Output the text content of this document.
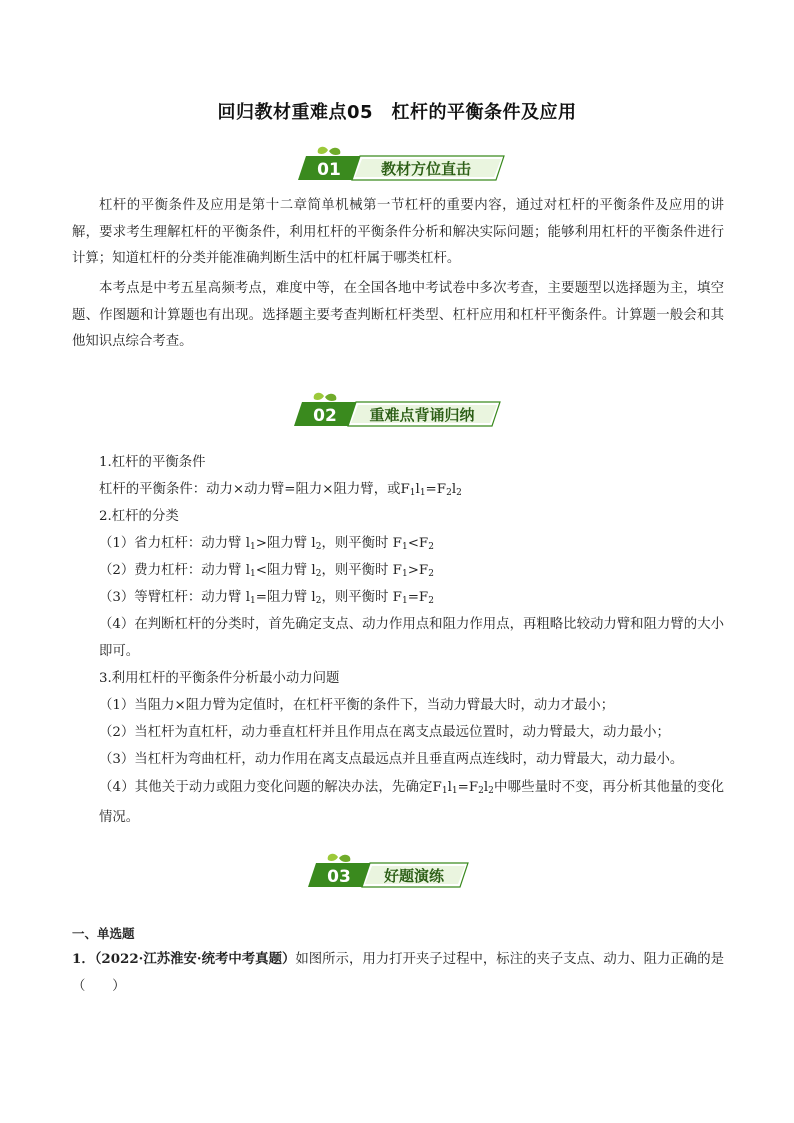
回归教材重难点05　杠杆的平衡条件及应用
01	教材方位直击

杠杆的平衡条件及应用是第十二章简单机械第一节杠杆的重要内容，通过对杠杆的平衡条件及应用的讲解，要求考生理解杠杆的平衡条件，利用杠杆的平衡条件分析和解决实际问题；能够利用杠杆的平衡条件进行计算；知道杠杆的分类并能准确判断生活中的杠杆属于哪类杠杆。

本考点是中考五星高频考点，难度中等，在全国各地中考试卷中多次考查，主要题型以选择题为主，填空题、作图题和计算题也有出现。选择题主要考查判断杠杆类型、杠杆应用和杠杆平衡条件。计算题一般会和其他知识点综合考查。

02 重难点背诵归纳

1.杠杆的平衡条件

杠杆的平衡条件：动力×动力臂=阻力×阻力臂，或$F_1l_1=F_2l_2$

2.杠杆的分类

（1）省力杠杆：动力臂 $l_1>$阻力臂 $l_2$，则平衡时 $F_1<F_2$

（2）费力杠杆：动力臂 $l_1<$阻力臂 $l_2$，则平衡时 $F_1>F_2$

（3）等臂杠杆：动力臂 $l_1=$阻力臂 $l_2$，则平衡时 $F_1=F_2$

（4）在判断杠杆的分类时，首先确定支点、动力作用点和阻力作用点，再粗略比较动力臂和阻力臂的大小即可。

3.利用杠杆的平衡条件分析最小动力问题

（1）当阻力×阻力臂为定值时，在杠杆平衡的条件下，当动力臂最大时，动力才最小；

（2）当杠杆为直杠杆，动力垂直杠杆并且作用点在离支点最远位置时，动力臂最大，动力最小；

（3）当杠杆为弯曲杠杆，动力作用在离支点最远点并且垂直两点连线时，动力臂最大，动力最小。

（4）其他关于动力或阻力变化问题的解决办法，先确定$F_1l_1=F_2l_2$中哪些量时不变，再分析其他量的变化情况。

03 好题演练

一、单选题

1．（2022·江苏淮安·统考中考真题）如图所示，用力打开夹子过程中，标注的夹子支点、动力、阻力正确的是（　　）
